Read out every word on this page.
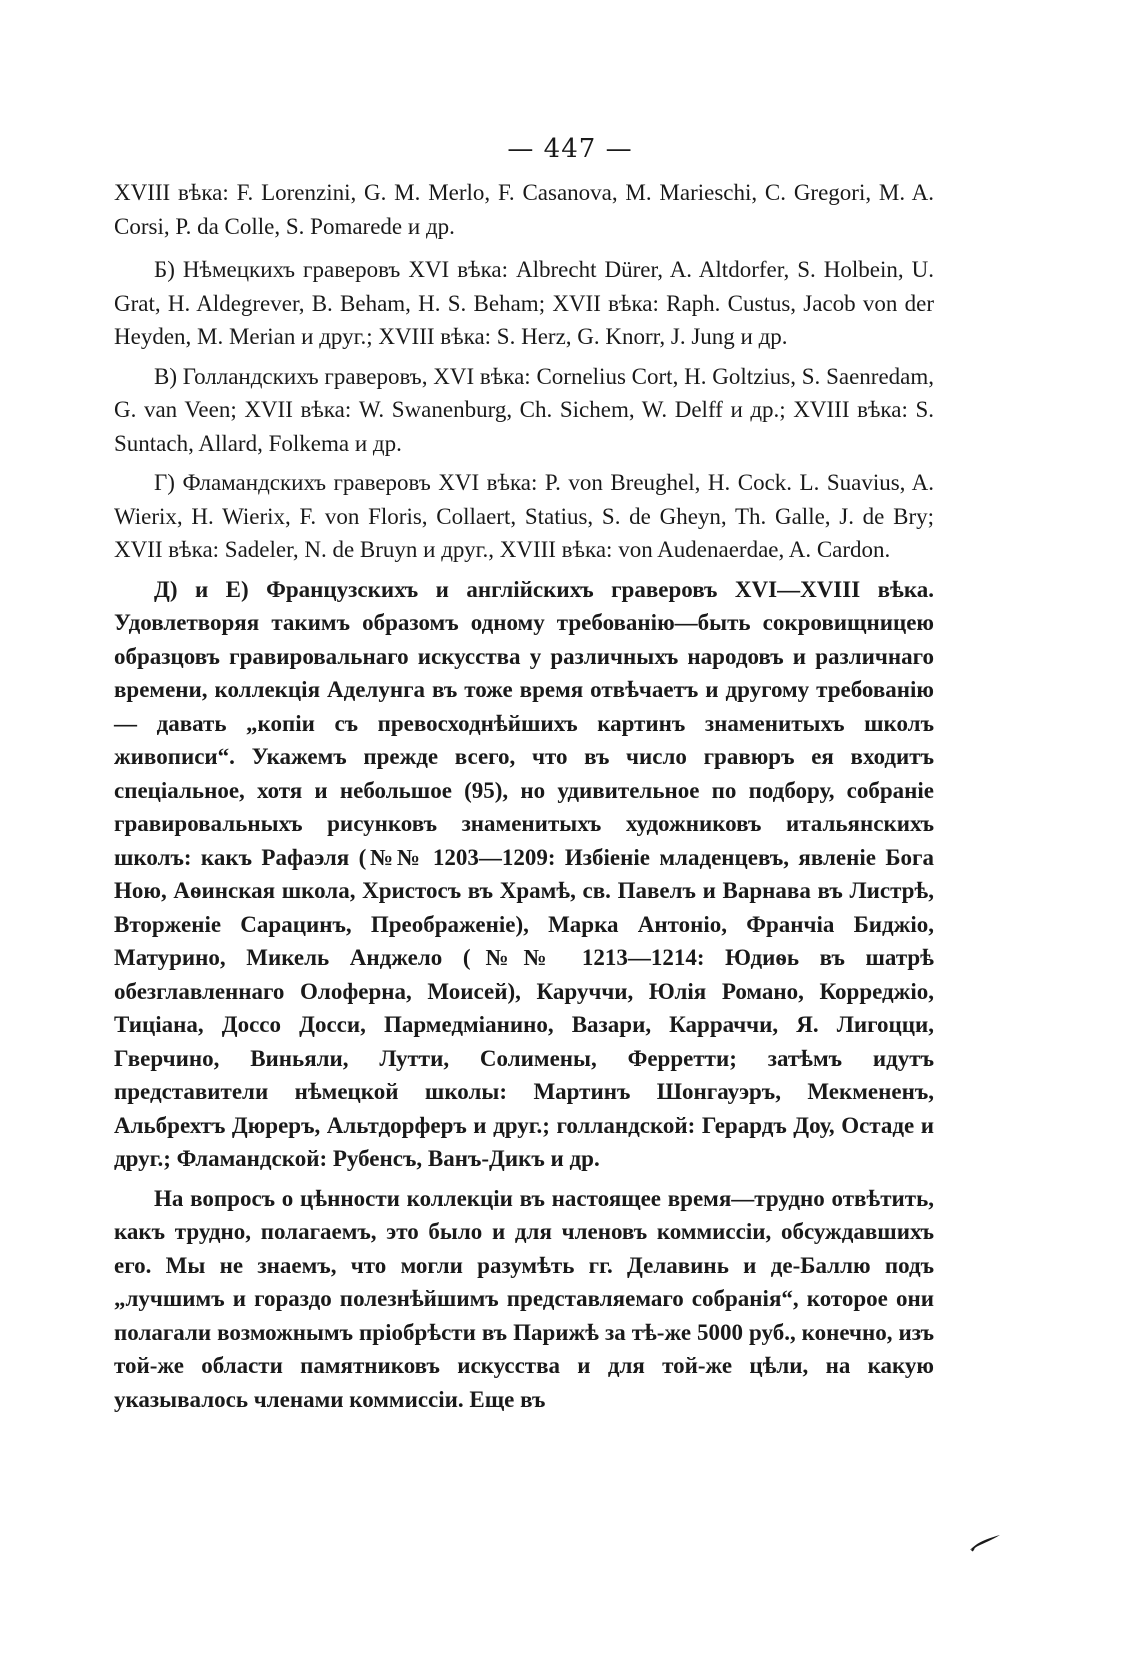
— 447 —

XVIII вѣка: F. Lorenzini, G. M. Merlo, F. Casanova, M. Marieschi, C. Gregori, M. A. Corsi, P. da Colle, S. Pomarede и др.

Б) Нѣмецкихъ граверовъ XVI вѣка: Albrecht Dürer, A. Altdorfer, S. Holbein, U. Grat, H. Aldegrever, B. Beham, H. S. Beham; XVII вѣка: Raph. Custus, Jacob von der Heyden, M. Merian и друг.; XVIII вѣка: S. Herz, G. Knorr, J. Jung и др.

В) Голландскихъ граверовъ, XVI вѣка: Cornelius Cort, H. Goltzius, S. Saenredam, G. van Veen; XVII вѣка: W. Swanenburg, Ch. Sichem, W. Delff и др.; XVIII вѣка: S. Suntach, Allard, Folkema и др.

Г) Фламандскихъ граверовъ XVI вѣка: P. von Breughel, H. Cock. L. Suavius, A. Wierix, H. Wierix, F. von Floris, Collaert, Statius, S. de Gheyn, Th. Galle, J. de Bry; XVII вѣка: Sadeler, N. de Bruyn и друг., XVIII вѣка: von Audenaerdae, A. Cardon.

Д) и Е) Французскихъ и англійскихъ граверовъ XVI—XVIII вѣка. Удовлетворяя такимъ образомъ одному требованію—быть сокровищницею образцовъ гравировальнаго искусства у различныхъ народовъ и различнаго времени, коллекція Аделунга въ тоже время отвѣчаетъ и другому требованію — давать „копіи съ превосходнѣйшихъ картинъ знаменитыхъ школъ живописи“. Укажемъ прежде всего, что въ число гравюръ ея входитъ спеціальное, хотя и небольшое (95), но удивительное по подбору, собраніе гравировальныхъ рисунковъ знаменитыхъ художниковъ итальянскихъ школъ: какъ Рафаэля (№№ 1203—1209: Избіеніе младенцевъ, явленіе Бога Ною, Аѳинская школа, Христосъ въ Храмѣ, св. Павелъ и Варнава въ Листрѣ, Вторженіе Сарацинъ, Преображеніе), Марка Антоніо, Франчіа Биджіо, Матурино, Микель Анджело (№№ 1213—1214: Юдиѳь въ шатрѣ обезглавленнаго Олоферна, Моисей), Каруччи, Юлія Романо, Корреджіо, Тиціана, Доссо Досси, Пармедміанино, Вазари, Карраччи, Я. Лигоцци, Гверчино, Виньяли, Лутти, Солимены, Ферретти; затѣмъ идутъ представители нѣмецкой школы: Мартинъ Шонгауэръ, Мекмененъ, Альбрехтъ Дюреръ, Альтдорферъ и друг.; голландской: Герардъ Доу, Остаде и друг.; Фламандской: Рубенсъ, Ванъ-Дикъ и др.

На вопросъ о цѣнности коллекціи въ настоящее время—трудно отвѣтить, какъ трудно, полагаемъ, это было и для членовъ коммиссіи, обсуждавшихъ его. Мы не знаемъ, что могли разумѣть гг. Делавинь и де-Баллю подъ „лучшимъ и гораздо полезнѣйшимъ представляемаго собранія“, которое они полагали возможнымъ пріобрѣсти въ Парижѣ за тѣ-же 5000 руб., конечно, изъ той-же области памятниковъ искусства и для той-же цѣли, на какую указывалось членами коммиссіи. Еще въ
